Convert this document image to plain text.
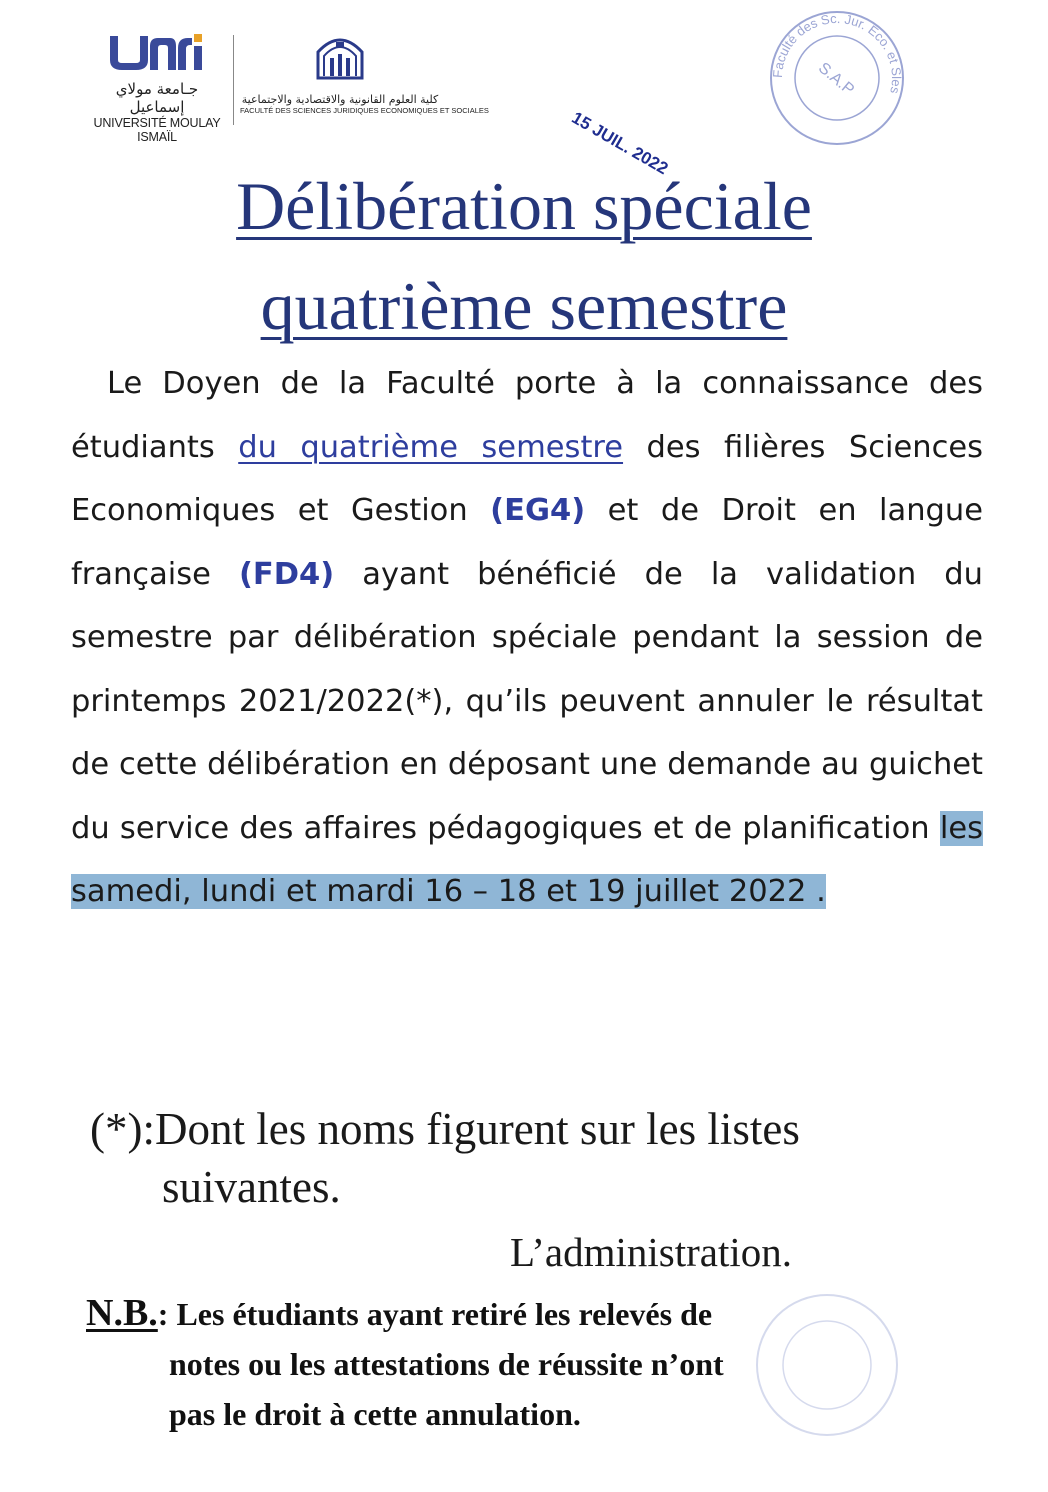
جـامعة مولاي إسماعيل
UNIVERSITÉ MOULAY ISMAÏL
كلية العلوم القانونية والاقتصادية والاجتماعية
FACULTÉ DES SCIENCES JURIDIQUES ECONOMIQUES ET SOCIALES	15 JUIL. 2022
Faculté des Sc. Jur. Eco. et Sles
S.A.P
Délibération spéciale
quatrième semestre
Le Doyen de la Faculté porte à la connaissance des étudiants du quatrième semestre des filières Sciences Economiques et Gestion (EG4) et de Droit en langue française (FD4) ayant bénéficié de la validation du semestre par délibération spéciale pendant la session de printemps 2021/2022(*), qu’ils peuvent annuler le résultat de cette délibération en déposant une demande au guichet du service des affaires pédagogiques et de planification les samedi, lundi et mardi 16 – 18 et 19 juillet 2022 .
(*):Dont les noms figurent sur les listes
suivantes.
L’administration.
N.B.: Les étudiants ayant retiré les relevés de
notes ou les attestations de réussite n’ont
pas le droit à cette annulation.
